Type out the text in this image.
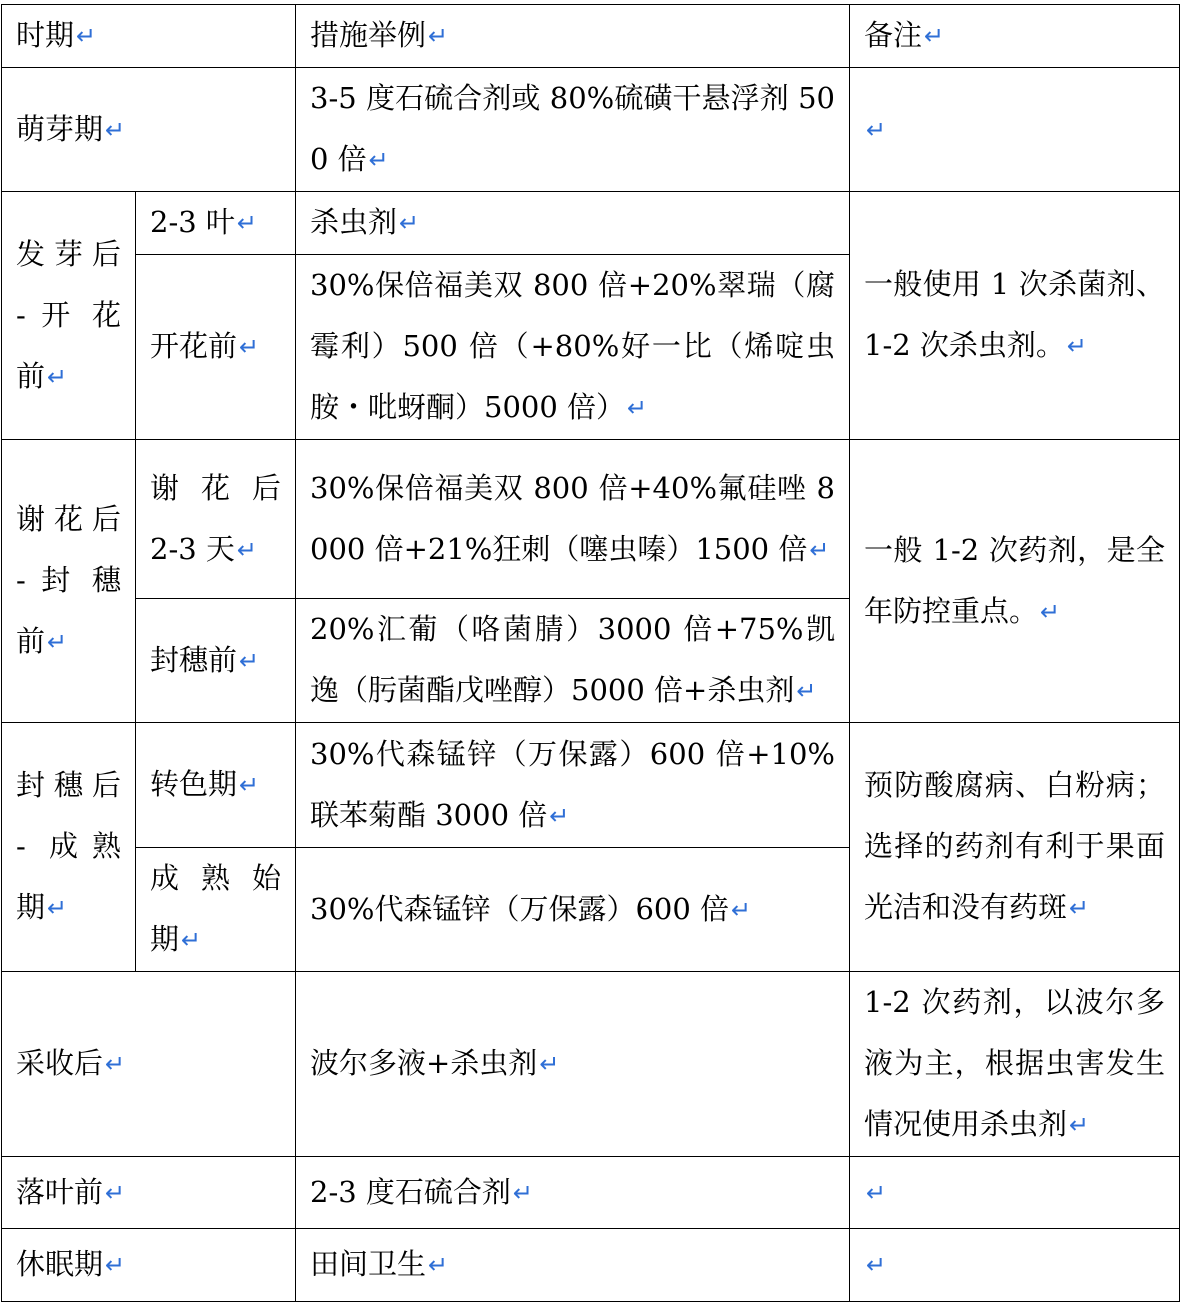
时期↵		措施举例↵	备注↵
萌芽期↵		3-5 度石硫合剂或 80%硫磺干悬浮剂 500 倍↵	↵
发芽后 - 开 花 前↵	2-3 叶↵	杀虫剂↵	一般使用 1 次杀菌剂、1-2 次杀虫剂。↵
	开花前↵	30%保倍福美双 800 倍+20%翠瑞（腐霉利）500 倍（+80%好一比（烯啶虫胺・吡蚜酮）5000 倍）↵	
谢花后 - 封 穗 前↵	谢 花 后 2-3 天↵	30%保倍福美双 800 倍+40%氟硅唑 8000 倍+21%狂刺（噻虫嗪）1500 倍↵	一般 1-2 次药剂，是全年防控重点。↵
	封穗前↵	20%汇葡（咯菌腈）3000 倍+75%凯逸（肟菌酯戊唑醇）5000 倍+杀虫剂↵	
封穗后 - 成熟期↵	转色期↵	30%代森锰锌（万保露）600 倍+10%联苯菊酯 3000 倍↵	预防酸腐病、白粉病；选择的药剂有利于果面光洁和没有药斑↵
	成 熟 始 期↵	30%代森锰锌（万保露）600 倍↵	
采收后↵		波尔多液+杀虫剂↵	1-2 次药剂，以波尔多液为主，根据虫害发生情况使用杀虫剂↵
落叶前↵		2-3 度石硫合剂↵	↵
休眠期↵		田间卫生↵	↵
